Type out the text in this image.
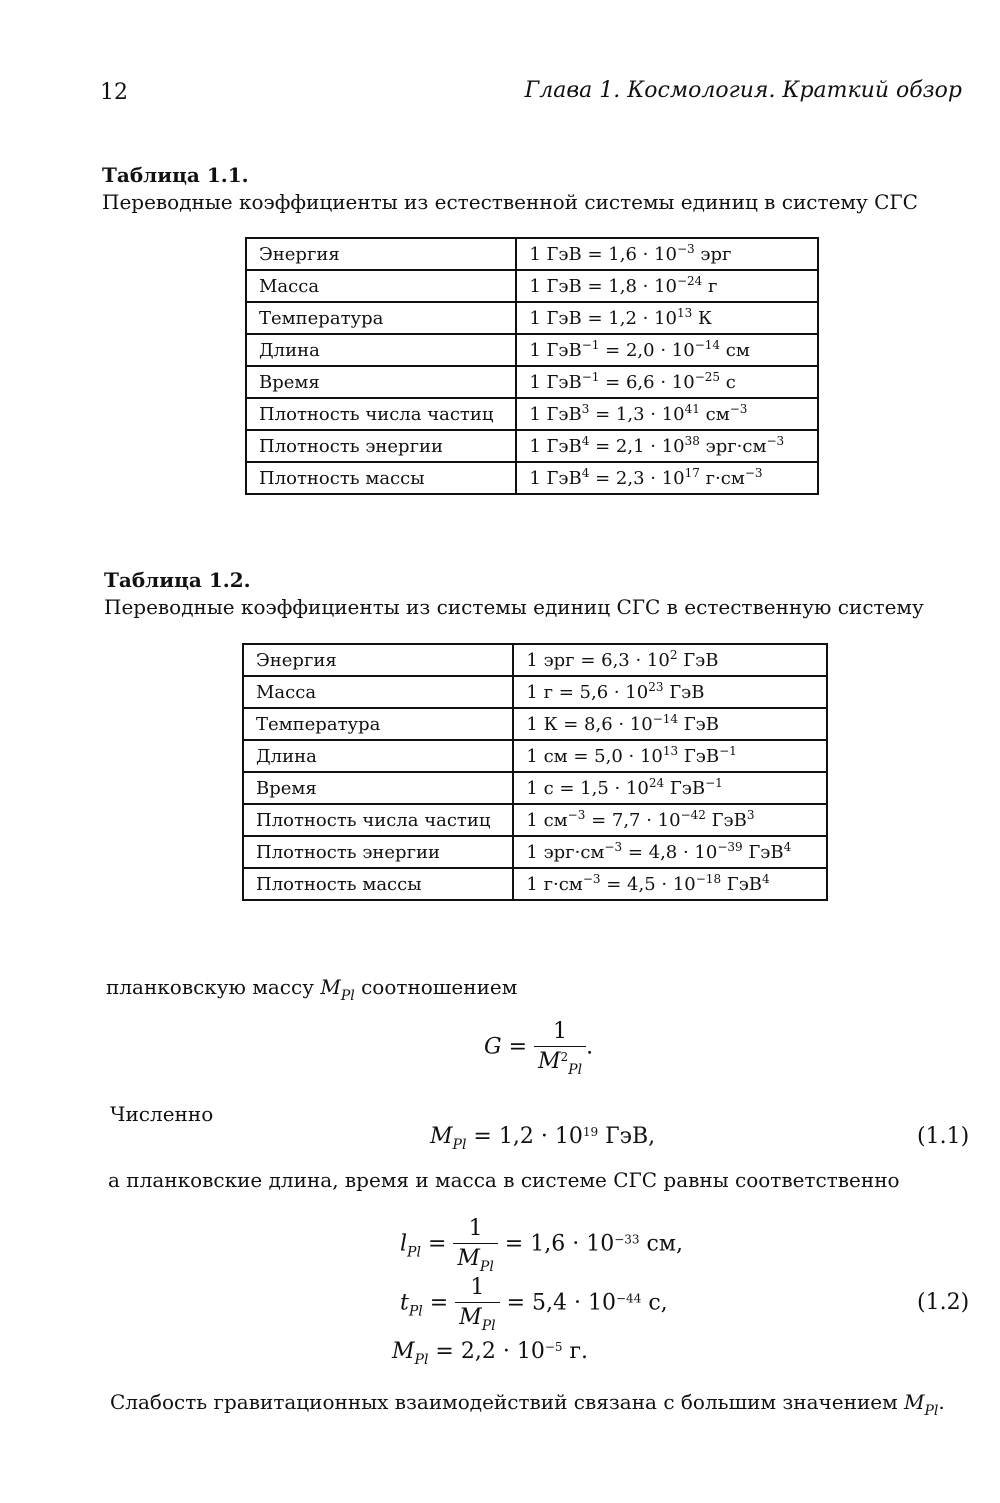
12	Глава 1. Космология. Краткий обзор
Таблица 1.1.
Переводные коэффициенты из естественной системы единиц в систему СГС
Энергия	1 ГэВ = $1,6 \cdot 10^{-3}$ эрг
Масса	1 ГэВ = $1,8 \cdot 10^{-24}$ г
Температура	1 ГэВ = $1,2 \cdot 10^{13}$ К
Длина	1 $ГэВ^{-1} = 2,0 \cdot 10^{-14}$ см
Время	1 $ГэВ^{-1} = 6,6 \cdot 10^{-25}$ с
Плотность числа частиц	1 $ГэВ^3 = 1,3 \cdot 10^{41}$ $см^{-3}$
Плотность энергии	1 $ГэВ^4 = 2,1 \cdot 10^{38}$ $эрг\cdot см^{-3}$
Плотность массы	1 $ГэВ^4 = 2,3 \cdot 10^{17}$ $г\cdot см^{-3}$
Таблица 1.2.
Переводные коэффициенты из системы единиц СГС в естественную систему
Энергия	1 эрг = $6,3 \cdot 10^2$ ГэВ
Масса	1 $г = 5,6 \cdot 10^{23}$ ГэВ
Температура	1 $К = 8,6 \cdot 10^{-14}$ ГэВ
Длина	1 см = $5,0 \cdot 10^{13}$ ГэВ$^{-1}$
Время	1 $с = 1,5 \cdot 10^{24}$ ГэВ$^{-1}$
Плотность числа частиц	1 $см^{-3} = 7,7 \cdot 10^{-42}$ ГэВ$^3$
Плотность энергии	1 $эрг\cdot см^{-3} = 4,8 \cdot 10^{-39}$ ГэВ$^4$
Плотность массы	1 $г\cdot см^{-3} = 4,5 \cdot 10^{-18}$ ГэВ$^4$
планковскую массу $M_{Pl}$ соотношением
$G = \frac{1}{M^2_{Pl}}$ .
Численно
$M_{Pl} = 1,2 \cdot 10^{19}$ ГэВ,	(1.1)
а планковские длина, время и масса в системе СГС равны соответственно
$l_{Pl} = \frac{1}{M_{Pl}} = 1,6 \cdot 10^{-33}$ см,
$t_{Pl} = \frac{1}{M_{Pl}} = 5,4 \cdot 10^{-44}$ с,	(1.2)
$M_{Pl} = 2,2 \cdot 10^{-5}$ г.
Слабость гравитационных взаимодействий связана с большим значением $M_{Pl}$.
